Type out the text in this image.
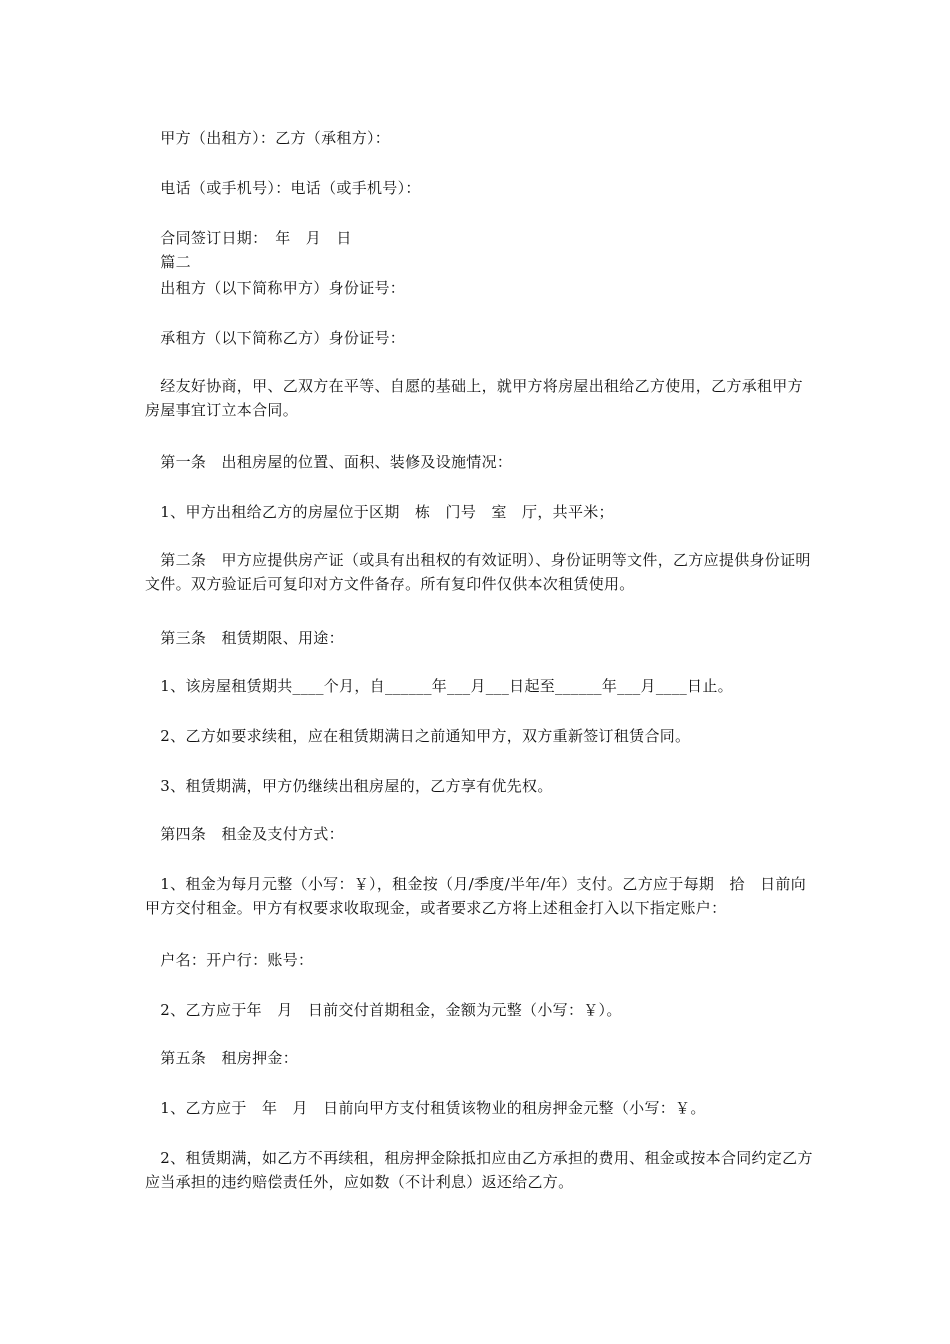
　甲方（出租方）：乙方（承租方）：
　电话（或手机号）：电话（或手机号）：
　合同签订日期：　年　月　日
　篇二
　出租方（以下简称甲方）身份证号：
　承租方（以下简称乙方）身份证号：
　经友好协商，甲、乙双方在平等、自愿的基础上，就甲方将房屋出租给乙方使用，乙方承租甲方房屋事宜订立本合同。
　第一条　出租房屋的位置、面积、装修及设施情况：
　1、甲方出租给乙方的房屋位于区期　栋　门号　室　厅，共平米；
　第二条　甲方应提供房产证（或具有出租权的有效证明）、身份证明等文件，乙方应提供身份证明文件。双方验证后可复印对方文件备存。所有复印件仅供本次租赁使用。
　第三条　租赁期限、用途：
　1、该房屋租赁期共____个月，自______年___月___日起至______年___月____日止。
　2、乙方如要求续租，应在租赁期满日之前通知甲方，双方重新签订租赁合同。
　3、租赁期满，甲方仍继续出租房屋的，乙方享有优先权。
　第四条　租金及支付方式：
　1、租金为每月元整（小写：￥），租金按（月/季度/半年/年）支付。乙方应于每期　拾　日前向甲方交付租金。甲方有权要求收取现金，或者要求乙方将上述租金打入以下指定账户：
　户名：开户行：账号：
　2、乙方应于年　月　日前交付首期租金，金额为元整（小写：￥）。
　第五条　租房押金：
　1、乙方应于　年　月　日前向甲方支付租赁该物业的租房押金元整（小写：￥。
　2、租赁期满，如乙方不再续租，租房押金除抵扣应由乙方承担的费用、租金或按本合同约定乙方应当承担的违约赔偿责任外，应如数（不计利息）返还给乙方。
